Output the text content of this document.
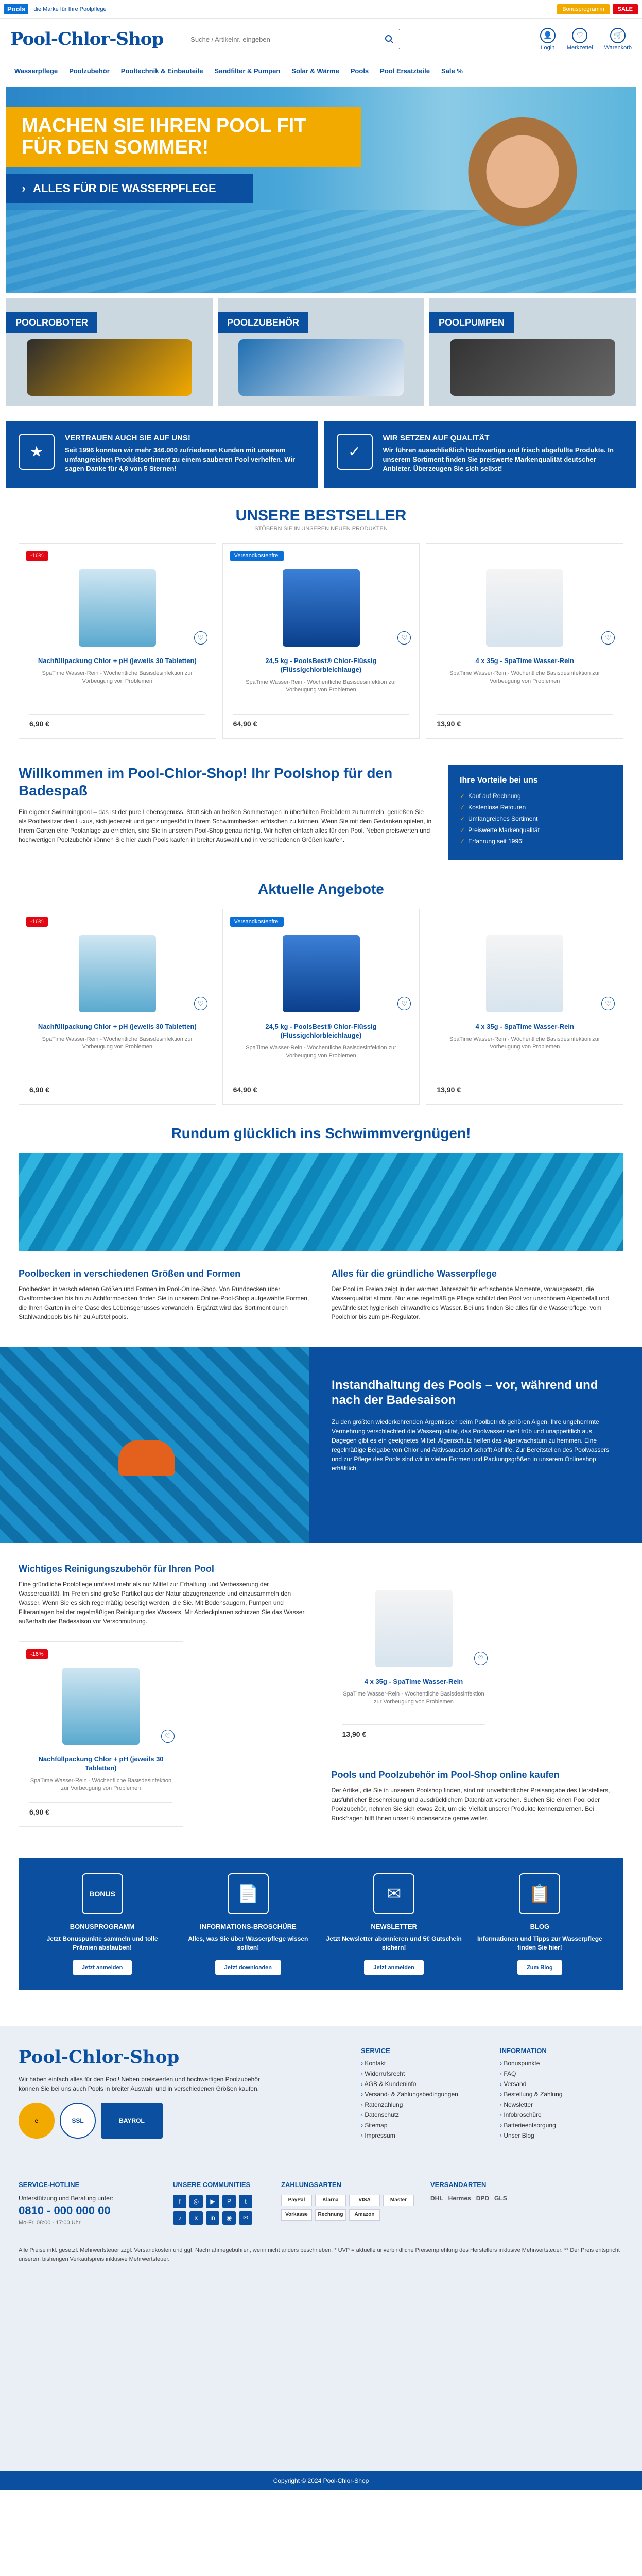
Pools	die Marke für Ihre Poolpflege	Bonusprogramm	SALE
Pool-Chlor-Shop
Suche / Artikelnr. eingeben	👤
Login
♡
Merkzettel
🛒
Warenkorb
Wasserpflege Poolzubehör Pooltechnik & Einbauteile Sandfilter & Pumpen Solar & Wärme Pools Pool Ersatzteile Sale %
MACHEN SIE IHREN POOL FIT FÜR DEN SOMMER!
› ALLES FÜR DIE WASSERPFLEGE
POOLROBOTER	POOLZUBEHÖR	POOLPUMPEN
★
VERTRAUEN AUCH SIE AUF UNS!

Seit 1996 konnten wir mehr 346.000 zufriedenen Kunden mit unserem umfangreichen Produktsortiment zu einem sauberen Pool verhelfen. Wir sagen Danke für 4,8 von 5 Sternen!

✓
WIR SETZEN AUF QUALITÄT

Wir führen ausschließlich hochwertige und frisch abgefüllte Produkte. In unserem Sortiment finden Sie preiswerte Markenqualität deutscher Anbieter. Überzeugen Sie sich selbst!

UNSERE BESTSELLER
STÖBERN SIE IN UNSEREN NEUEN PRODUKTEN
-16%
♡
Nachfüllpackung Chlor + pH (jeweils 30 Tabletten)
SpaTime Wasser-Rein - Wöchentliche Basisdesinfektion zur Vorbeugung von Problemen
6,90 €
Versandkostenfrei
♡
24,5 kg - PoolsBest® Chlor-Flüssig (Flüssigchlorbleichlauge)
SpaTime Wasser-Rein - Wöchentliche Basisdesinfektion zur Vorbeugung von Problemen
64,90 €
♡
4 x 35g - SpaTime Wasser-Rein
SpaTime Wasser-Rein - Wöchentliche Basisdesinfektion zur Vorbeugung von Problemen
13,90 €
Willkommen im Pool-Chlor-Shop! Ihr Poolshop für den Badespaß

Ein eigener Swimmingpool – das ist der pure Lebensgenuss. Statt sich an heißen Sommertagen in überfüllten Freibädern zu tummeln, genießen Sie als Poolbesitzer den Luxus, sich jederzeit und ganz ungestört in Ihrem Schwimmbecken erfrischen zu können. Wenn Sie mit dem Gedanken spielen, in Ihrem Garten eine Poolanlage zu errichten, sind Sie in unserem Pool-Shop genau richtig. Wir helfen einfach alles für den Pool. Neben preiswerten und hochwertigen Poolzubehör können Sie hier auch Pools kaufen in breiter Auswahl und in verschiedenen Größen kaufen.

Ihre Vorteile bei uns
✓ Kauf auf Rechnung
✓ Kostenlose Retouren
✓ Umfangreiches Sortiment
✓ Preiswerte Markenqualität
✓ Erfahrung seit 1996!
Aktuelle Angebote
-16%
♡
Nachfüllpackung Chlor + pH (jeweils 30 Tabletten)
SpaTime Wasser-Rein - Wöchentliche Basisdesinfektion zur Vorbeugung von Problemen
6,90 €
Versandkostenfrei
♡
24,5 kg - PoolsBest® Chlor-Flüssig (Flüssigchlorbleichlauge)
SpaTime Wasser-Rein - Wöchentliche Basisdesinfektion zur Vorbeugung von Problemen
64,90 €
♡
4 x 35g - SpaTime Wasser-Rein
SpaTime Wasser-Rein - Wöchentliche Basisdesinfektion zur Vorbeugung von Problemen
13,90 €
Rundum glücklich ins Schwimmvergnügen!
Poolbecken in verschiedenen Größen und Formen

Poolbecken in verschiedenen Größen und Formen im Pool-Online-Shop. Von Rundbecken über Ovalformbecken bis hin zu Achtformbecken finden Sie in unserem Online-Pool-Shop aufgewählte Formen, die Ihren Garten in eine Oase des Lebensgenusses verwandeln. Ergänzt wird das Sortiment durch Stahlwandpools bis hin zu Aufstellpools.

Alles für die gründliche Wasserpflege

Der Pool im Freien zeigt in der warmen Jahreszeit für erfrischende Momente, vorausgesetzt, die Wasserqualität stimmt. Nur eine regelmäßige Pflege schützt den Pool vor unschönem Algenbefall und gewährleistet hygienisch einwandfreies Wasser. Bei uns finden Sie alles für die Wasserpflege, vom Poolchlor bis zum pH-Regulator.

Instandhaltung des Pools – vor, während und nach der Badesaison

Zu den größten wiederkehrenden Ärgernissen beim Poolbetrieb gehören Algen. Ihre ungehemmte Vermehrung verschlechtert die Wasserqualität, das Poolwasser sieht trüb und unappetitlich aus. Dagegen gibt es ein geeignetes Mittel: Algenschutz helfen das Algenwachstum zu hemmen. Eine regelmäßige Beigabe von Chlor und Aktivsauerstoff schafft Abhilfe. Zur Bereitstellen des Poolwassers und zur Pflege des Pools sind wir in vielen Formen und Packungsgrößen in unserem Onlineshop erhältlich.

Wichtiges Reinigungszubehör für Ihren Pool

Eine gründliche Poolpflege umfasst mehr als nur Mittel zur Erhaltung und Verbesserung der Wasserqualität. Im Freien sind große Partikel aus der Natur abzugrenzende und einzusammeln den Wasser. Wenn Sie es sich regelmäßig beseitigt werden, die Sie. Mit Bodensaugern, Pumpen und Filteranlagen bei der regelmäßigen Reinigung des Wassers. Mit Abdeckplanen schützen Sie das Wasser außerhalb der Badesaison vor Verschmutzung.

-16%
♡
Nachfüllpackung Chlor + pH (jeweils 30 Tabletten)
SpaTime Wasser-Rein - Wöchentliche Basisdesinfektion zur Vorbeugung von Problemen
6,90 €
♡
4 x 35g - SpaTime Wasser-Rein
SpaTime Wasser-Rein - Wöchentliche Basisdesinfektion zur Vorbeugung von Problemen
13,90 €
Pools und Poolzubehör im Pool-Shop online kaufen

Der Artikel, die Sie in unserem Poolshop finden, sind mit unverbindlicher Preisangabe des Herstellers, ausführlicher Beschreibung und ausdrücklichem Datenblatt versehen. Suchen Sie einen Pool oder Poolzubehör, nehmen Sie sich etwas Zeit, um die Vielfalt unserer Produkte kennenzulernen. Bei Rückfragen hilft Ihnen unser Kundenservice gerne weiter.

BONUS
BONUSPROGRAMM

Jetzt Bonuspunkte sammeln und tolle Prämien abstauben!

Jetzt anmelden
📄
INFORMATIONS-BROSCHÜRE

Alles, was Sie über Wasserpflege wissen sollten!

Jetzt downloaden
✉
NEWSLETTER

Jetzt Newsletter abonnieren und 5€ Gutschein sichern!

Jetzt anmelden
📋
BLOG

Informationen und Tipps zur Wasserpflege finden Sie hier!

Zum Blog
Pool-Chlor-Shop

Wir haben einfach alles für den Pool! Neben preiswerten und hochwertigen Poolzubehör können Sie bei uns auch Pools in breiter Auswahl und in verschiedenen Größen kaufen.

e	SSL	BAYROL
SERVICE
› Kontakt
› Widerrufsrecht
› AGB & Kundeninfo
› Versand- & Zahlungsbedingungen
› Ratenzahlung
› Datenschutz
› Sitemap
› Impressum
INFORMATION
› Bonuspunkte
› FAQ
› Versand
› Bestellung & Zahlung
› Newsletter
› Infobroschüre
› Batterieentsorgung
› Unser Blog
SERVICE-HOTLINE
Unterstützung und Beratung unter:
0810 - 000 000 00
Mo-Fr, 08:00 - 17:00 Uhr
UNSERE COMMUNITIES
f	◎	▶	P	t
♪	x	in	◉	✉
ZAHLUNGSARTEN
PayPal	Klarna	VISA	Master
Vorkasse	Rechnung	Amazon
VERSANDARTEN
DHL Hermes DPD GLS

Alle Preise inkl. gesetzl. Mehrwertsteuer zzgl. Versandkosten und ggf. Nachnahmegebühren, wenn nicht anders beschrieben. * UVP = aktuelle unverbindliche Preisempfehlung des Herstellers inklusive Mehrwertsteuer. ** Der Preis entspricht unserem bisherigen Verkaufspreis inklusive Mehrwertsteuer.

Copyright © 2024 Pool-Chlor-Shop
